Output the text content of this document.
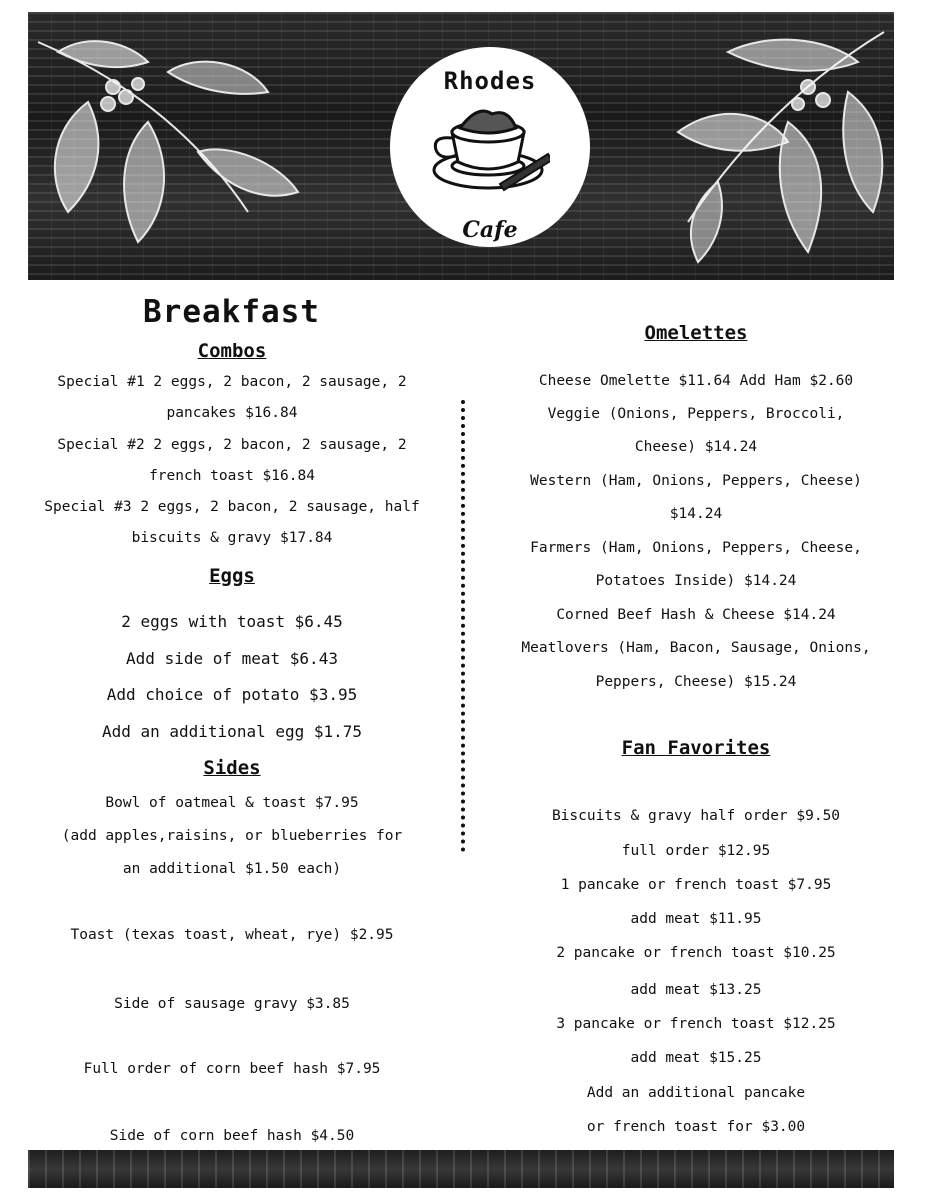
Rhodes
Cafe
Breakfast
Combos
Special #1 2 eggs, 2 bacon, 2 sausage, 2
pancakes $16.84
Special #2 2 eggs, 2 bacon, 2 sausage, 2
french toast $16.84
Special #3 2 eggs, 2 bacon, 2 sausage, half
biscuits & gravy $17.84
Eggs
2 eggs with toast $6.45
Add side of meat $6.43
Add choice of potato $3.95
Add an additional egg $1.75
Sides
Bowl of oatmeal & toast $7.95
(add apples,raisins, or blueberries for
an additional $1.50 each)
Toast (texas toast, wheat, rye) $2.95
Side of sausage gravy $3.85
Full order of corn beef hash $7.95
Side of corn beef hash $4.50
Omelettes
Cheese Omelette $11.64 Add Ham $2.60
Veggie (Onions, Peppers, Broccoli,
Cheese) $14.24
Western (Ham, Onions, Peppers, Cheese)
$14.24
Farmers (Ham, Onions, Peppers, Cheese,
Potatoes Inside) $14.24
Corned Beef Hash & Cheese $14.24
Meatlovers (Ham, Bacon, Sausage, Onions,
Peppers, Cheese) $15.24
Fan Favorites
Biscuits & gravy half order $9.50
full order $12.95
1 pancake or french toast $7.95
add meat $11.95
2 pancake or french toast $10.25
add meat $13.25
3 pancake or french toast $12.25
add meat $15.25
Add an additional pancake
or french toast for $3.00
